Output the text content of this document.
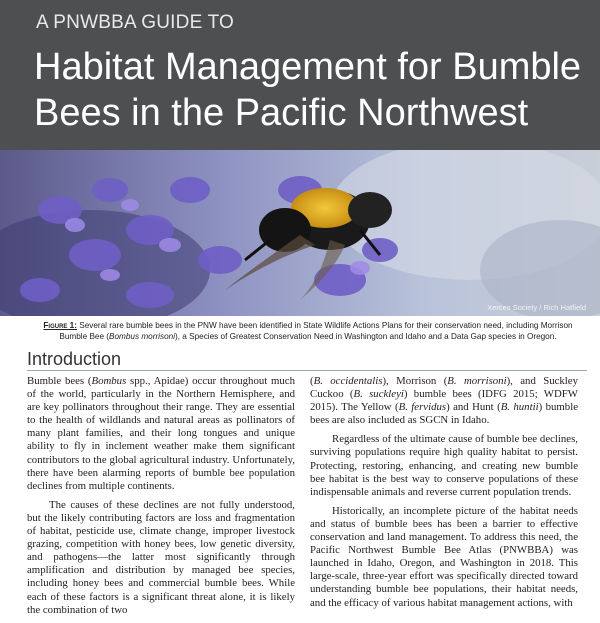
A PNWBBA GUIDE TO
Habitat Management for Bumble Bees in the Pacific Northwest
Xerces Society / Rich Hatfield
Figure 1: Several rare bumble bees in the PNW have been identified in State Wildlife Actions Plans for their conservation need, including Morrison Bumble Bee (Bombus morrisoni), a Species of Greatest Conservation Need in Washington and Idaho and a Data Gap species in Oregon.
Introduction

Bumble bees (Bombus spp., Apidae) occur throughout much of the world, particularly in the Northern Hemisphere, and are key pollinators throughout their range. They are essential to the health of wildlands and natural areas as pollinators of many plant families, and their long tongues and unique ability to fly in inclement weather make them significant contributors to the global agricultural industry. Unfortunately, there have been alarming reports of bumble bee population declines from multiple continents.

The causes of these declines are not fully understood, but the likely contributing factors are loss and fragmentation of habitat, pesticide use, climate change, improper livestock grazing, competition with honey bees, low genetic diversity, and pathogens—the latter most significantly through amplification and distribution by managed bee species, including honey bees and commercial bumble bees. While each of these factors is a significant threat alone, it is likely the combination of two

(B. occidentalis), Morrison (B. morrisoni), and Suckley Cuckoo (B. suckleyi) bumble bees (IDFG 2015; WDFW 2015). The Yellow (B. fervidus) and Hunt (B. huntii) bumble bees are also included as SGCN in Idaho.

Regardless of the ultimate cause of bumble bee declines, surviving populations require high quality habitat to persist. Protecting, restoring, enhancing, and creating new bumble bee habitat is the best way to conserve populations of these indispensable animals and reverse current population trends.

Historically, an incomplete picture of the habitat needs and status of bumble bees has been a barrier to effective conservation and land management. To address this need, the Pacific Northwest Bumble Bee Atlas (PNWBBA) was launched in Idaho, Oregon, and Washington in 2018. This large-scale, three-year effort was specifically directed toward understanding bumble bee populations, their habitat needs, and the efficacy of various habitat management actions, with
